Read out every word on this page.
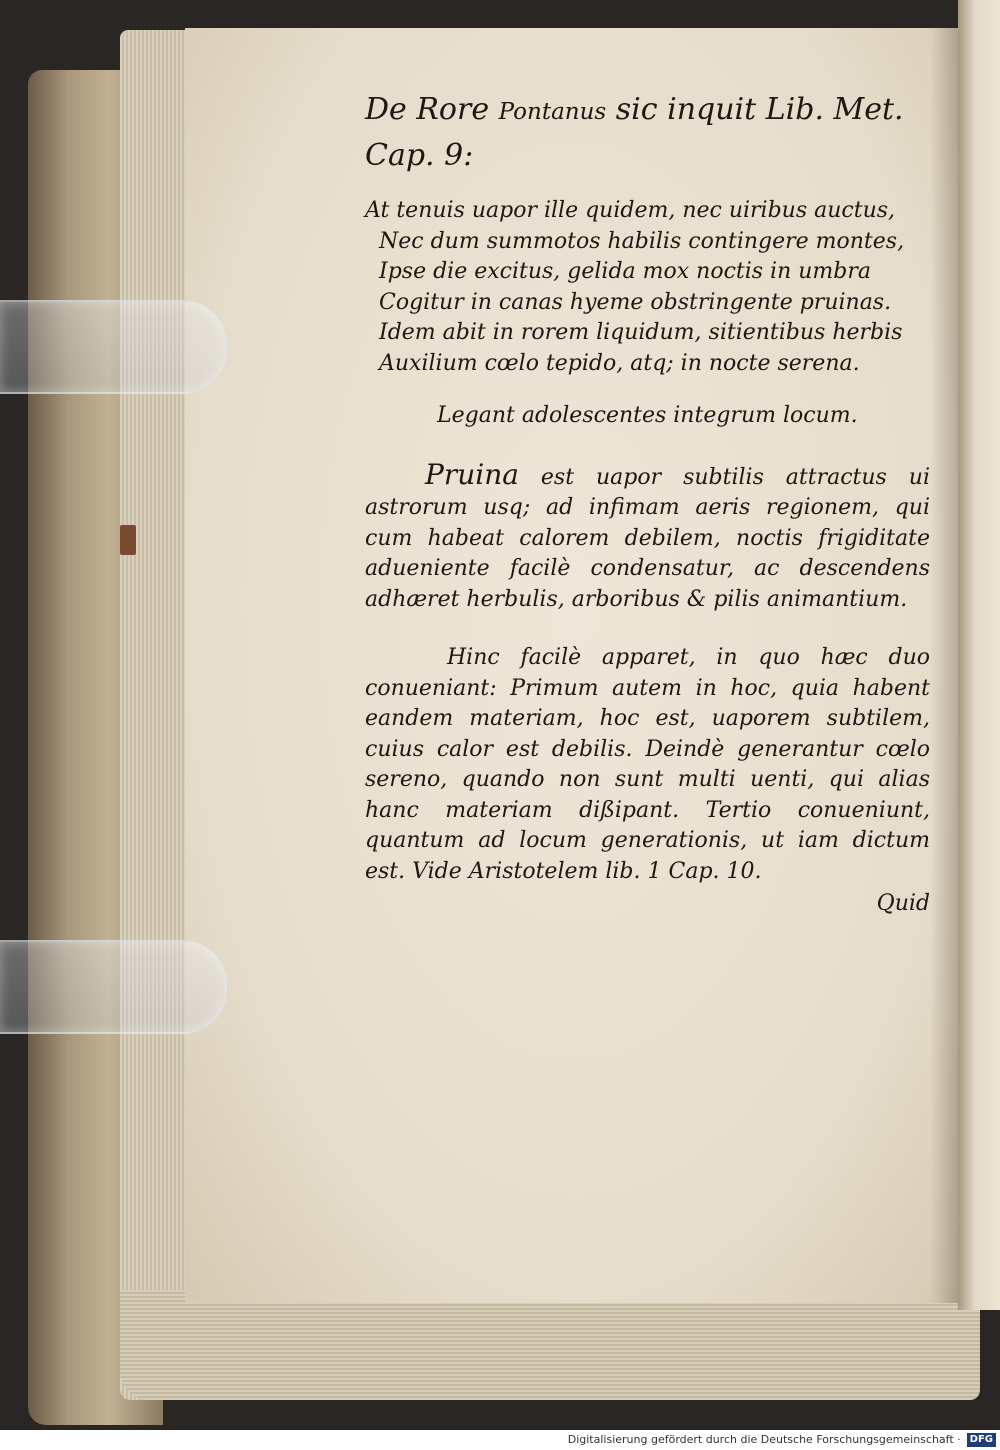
De Rore Pontanus sic inquit Lib. Met.
Cap. 9:

At tenuis uapor ille quidem, nec uiribus auctus,
Nec dum summotos habilis contingere montes,
Ipse die excitus, gelida mox noctis in umbra
Cogitur in canas hyeme obstringente pruinas.
Idem abit in rorem liquidum, sitientibus herbis
Auxilium cœlo tepido, atq; in nocte serena.

Legant adolescentes integrum locum.

Pruina est uapor subtilis attractus ui astrorum usq; ad infimam aeris regionem, qui cum habeat calorem debilem, noctis frigiditate adueniente facilè condensatur, ac descendens adhæret herbulis, arboribus & pilis animantium.

Hinc facilè apparet, in quo hæc duo conueniant: Primum autem in hoc, quia habent eandem materiam, hoc est, uaporem subtilem, cuius calor est debilis. Deindè generantur cœlo sereno, quando non sunt multi uenti, qui alias hanc materiam dißipant. Tertio conueniunt, quantum ad locum generationis, ut iam dictum est. Vide Aristotelem lib. 1 Cap. 10.

Quid
Digitalisierung gefördert durch die Deutsche Forschungsgemeinschaft · DFG
